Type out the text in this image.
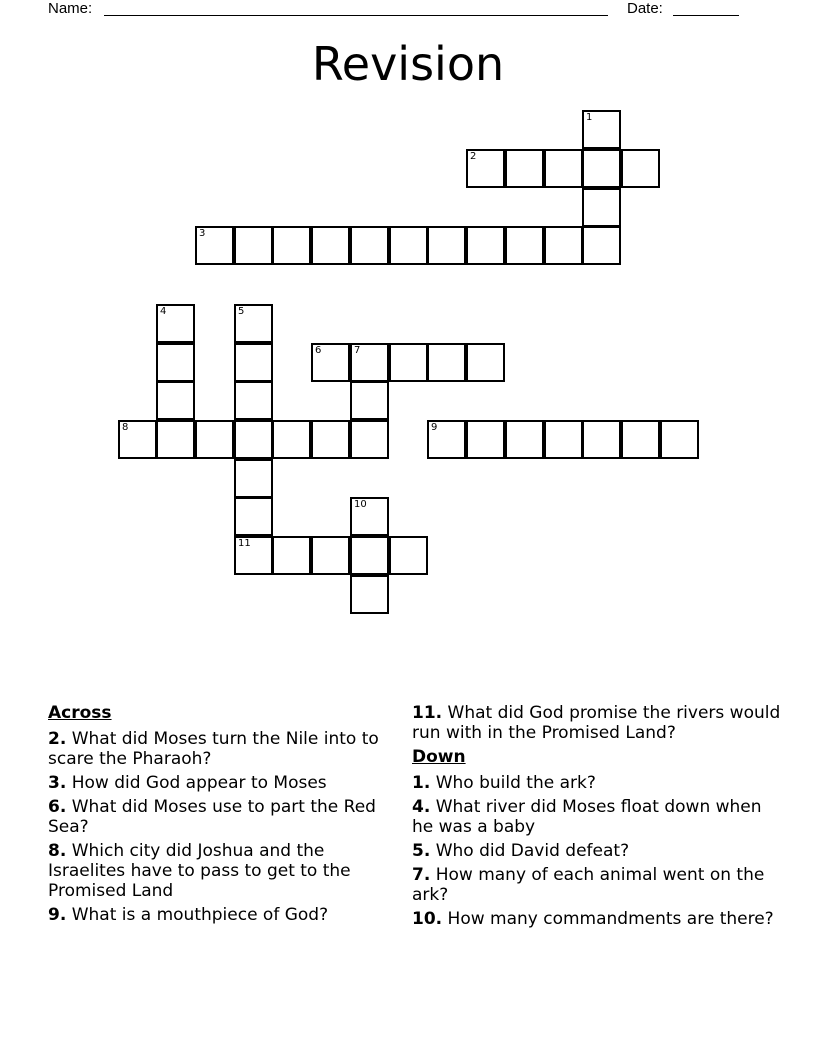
Name:	Date:
Revision
1
2
3
4	5
6	7
8	9
10
11
Across
2. What did Moses turn the Nile into to scare the Pharaoh?
3. How did God appear to Moses
6. What did Moses use to part the Red Sea?
8. Which city did Joshua and the Israelites have to pass to get to the Promised Land
9. What is a mouthpiece of God?
11. What did God promise the rivers would run with in the Promised Land?
Down
1. Who build the ark?
4. What river did Moses float down when he was a baby
5. Who did David defeat?
7. How many of each animal went on the ark?
10. How many commandments are there?
